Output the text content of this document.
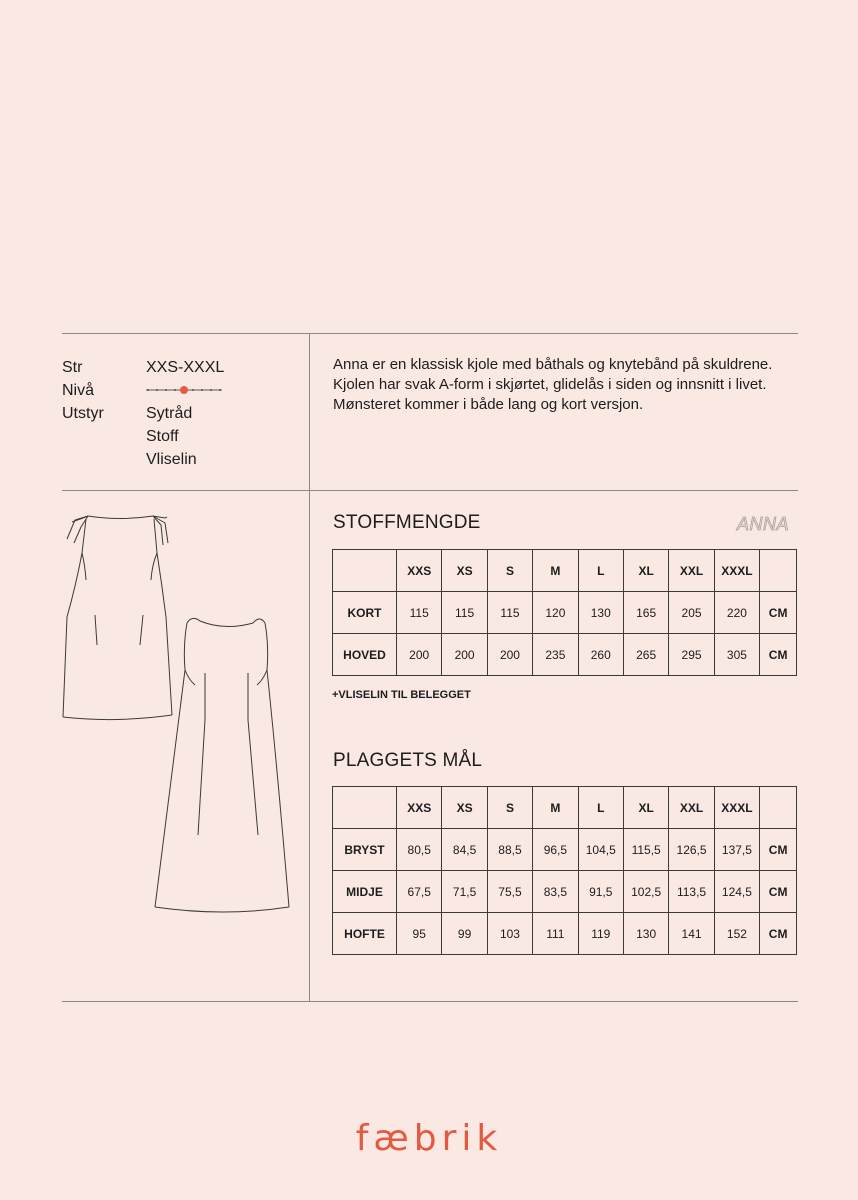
Str	XXS-XXXL
Nivå
Utstyr	Sytråd
Stoff
Vliselin
Anna er en klassisk kjole med båthals og knytebånd på skuldrene.
Kjolen har svak A-form i skjørtet, glidelås i siden og innsnitt i livet.
Mønsteret kommer i både lang og kort versjon.
STOFFMENGDE	ANNA
	XXS	XS	S	M	L	XL	XXL	XXXL	
KORT	115	115	115	120	130	165	205	220	CM
HOVED	200	200	200	235	260	265	295	305	CM
+VLISELIN TIL BELEGGET
PLAGGETS MÅL
	XXS	XS	S	M	L	XL	XXL	XXXL	
BRYST	80,5	84,5	88,5	96,5	104,5	115,5	126,5	137,5	CM
MIDJE	67,5	71,5	75,5	83,5	91,5	102,5	113,5	124,5	CM
HOFTE	95	99	103	111	119	130	141	152	CM
fæbrik
